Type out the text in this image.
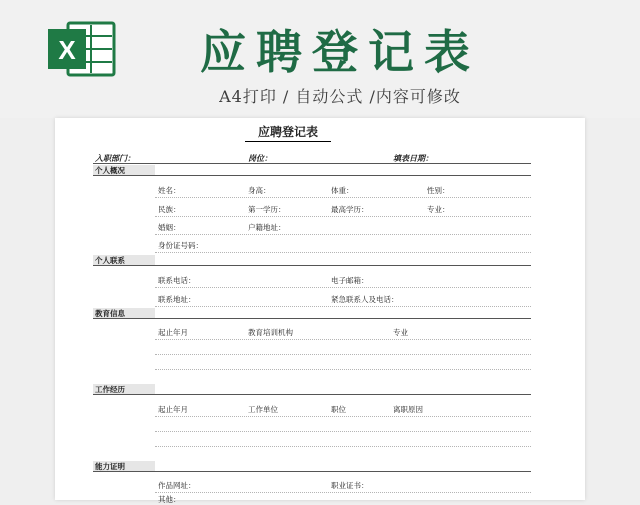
X	应聘登记表
A4打印 / 自动公式 /内容可修改
应聘登记表
入职部门：	岗位：	填表日期：
个人概况
姓名：	身高：	体重：	性别：
民族：	第一学历：	最高学历：	专业：
婚姻：	户籍地址：
身份证号码：
个人联系
联系电话：	电子邮箱：
联系地址：	紧急联系人及电话：
教育信息
起止年月	教育培训机构	专业
工作经历
起止年月	工作单位	职位	离职原因
能力证明
作品网址：	职业证书：
其他：
